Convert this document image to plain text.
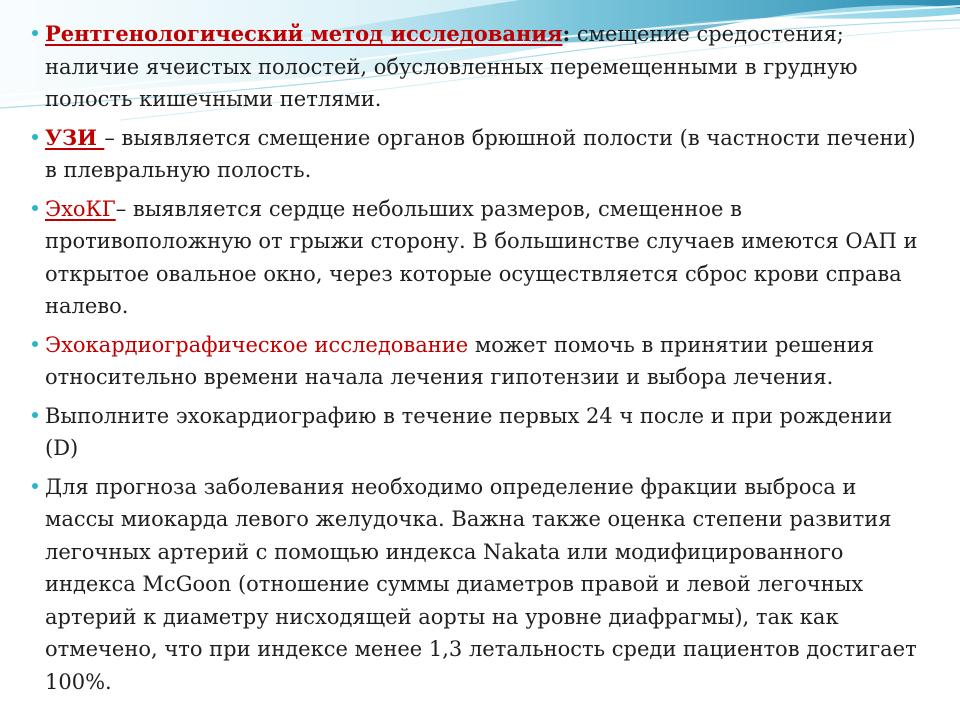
Рентгенологический метод исследования: смещение средостения; наличие ячеистых полостей, обусловленных перемещенными в грудную полость кишечными петлями.

УЗИ – выявляется смещение органов брюшной полости (в частности печени) в плевральную полость.

ЭхоКГ– выявляется сердце небольших размеров, смещенное в противоположную от грыжи сторону. В большинстве случаев имеются ОАП и открытое овальное окно, через которые осуществляется сброс крови справа налево.

Эхокардиографическое исследование может помочь в принятии решения относительно времени начала лечения гипотензии и выбора лечения.

Выполните эхокардиографию в течение первых 24 ч после и при рождении (D)

Для прогноза заболевания необходимо определение фракции выброса и массы миокарда левого желудочка. Важна также оценка степени развития легочных артерий с помощью индекса Nakata или модифицированного индекса McGoon (отношение суммы диаметров правой и левой легочных артерий к диаметру нисходящей аорты на уровне диафрагмы), так как отмечено, что при индексе менее 1,3 летальность среди пациентов достигает 100%.
